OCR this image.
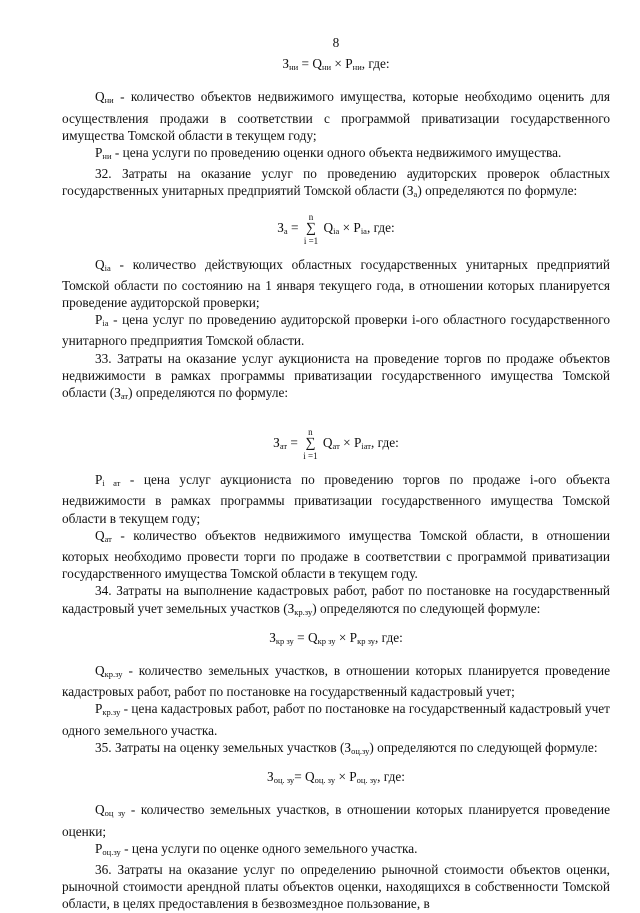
8
$З_{ни} = Q_{ни} \times P_{ни}$, где:

$Q_{ни}$ - количество объектов недвижимого имущества, которые необходимо оценить для осуществления продажи в соответствии с программой приватизации государственного имущества Томской области в текущем году;

$P_{ни}$ - цена услуги по проведению оценки одного объекта недвижимого имущества.

32. Затраты на оказание услуг по проведению аудиторских проверок областных государственных унитарных предприятий Томской области $(З_а)$ определяются по формуле:

$З_а$ =
n
∑
i =1
$Q_{iа} \times P_{iа}$, где:

$Q_{iа}$ - количество действующих областных государственных унитарных предприятий Томской области по состоянию на 1 января текущего года, в отношении которых планируется проведение аудиторской проверки;

$P_{iа}$ - цена услуг по проведению аудиторской проверки i-ого областного государственного унитарного предприятия Томской области.

33. Затраты на оказание услуг аукциониста на проведение торгов по продаже объектов недвижимости в рамках программы приватизации государственного имущества Томской области $(З_{ат})$ определяются по формуле:

$З_{ат}$ =
n
∑
i =1
$Q_{ат} \times P_{iат}$, где:

$P_{i ат}$ - цена услуг аукциониста по проведению торгов по продаже i-ого объекта недвижимости в рамках программы приватизации государственного имущества Томской области в текущем году;

$Q_{ат}$ - количество объектов недвижимого имущества Томской области, в отношении которых необходимо провести торги по продаже в соответствии с программой приватизации государственного имущества Томской области в текущем году.

34. Затраты на выполнение кадастровых работ, работ по постановке на государственный кадастровый учет земельных участков $(З_{кр.зу})$ определяются по следующей формуле:

$З_{кр зу} = Q_{кр зу} \times P_{кр зу}$, где:

$Q_{кр.зу}$ - количество земельных участков, в отношении которых планируется проведение кадастровых работ, работ по постановке на государственный кадастровый учет;

$P_{кр.зу}$ - цена кадастровых работ, работ по постановке на государственный кадастровый учет одного земельного участка.

35. Затраты на оценку земельных участков $(З_{оц.зу})$ определяются по следующей формуле:

$З_{оц. зу}= Q_{оц. зу} \times P_{оц. зу}$, где:

$Q_{оц зу}$ - количество земельных участков, в отношении которых планируется проведение оценки;

$P_{оц.зу}$ - цена услуги по оценке одного земельного участка.

36. Затраты на оказание услуг по определению рыночной стоимости объектов оценки, рыночной стоимости арендной платы объектов оценки, находящихся в собственности Томской области, в целях предоставления в безвозмездное пользование, в
